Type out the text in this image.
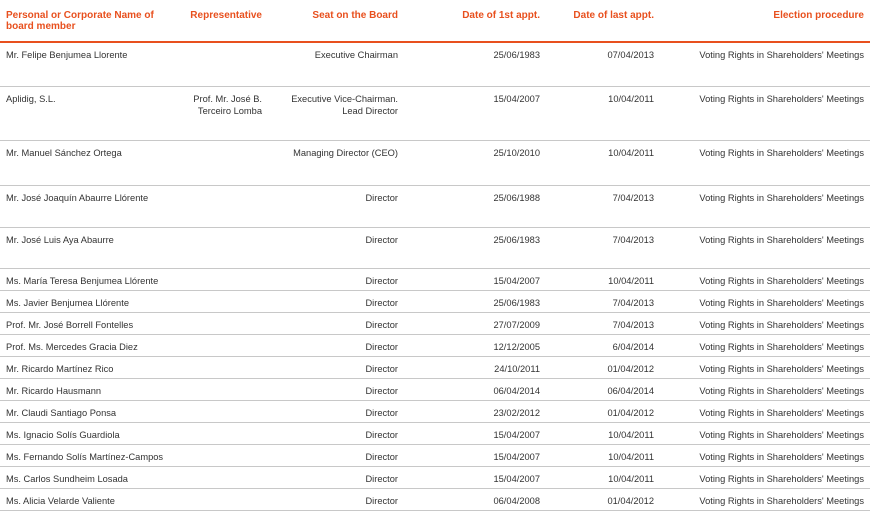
Personal or Corporate Name of board member	Representative	Seat on the Board	Date of 1st appt.	Date of last appt.	Election procedure
Mr. Felipe Benjumea Llorente		Executive Chairman	25/06/1983	07/04/2013	Voting Rights in Shareholders' Meetings
Aplidig, S.L.	Prof. Mr. José B. Terceiro Lomba	Executive Vice-Chairman. Lead Director	15/04/2007	10/04/2011	Voting Rights in Shareholders' Meetings
Mr. Manuel Sánchez Ortega		Managing Director (CEO)	25/10/2010	10/04/2011	Voting Rights in Shareholders' Meetings
Mr. José Joaquín Abaurre Llórente		Director	25/06/1988	7/04/2013	Voting Rights in Shareholders' Meetings
Mr. José Luis Aya Abaurre		Director	25/06/1983	7/04/2013	Voting Rights in Shareholders' Meetings
Ms. María Teresa Benjumea Llórente		Director	15/04/2007	10/04/2011	Voting Rights in Shareholders' Meetings
Ms. Javier Benjumea Llórente		Director	25/06/1983	7/04/2013	Voting Rights in Shareholders' Meetings
Prof. Mr. José Borrell Fontelles		Director	27/07/2009	7/04/2013	Voting Rights in Shareholders' Meetings
Prof. Ms. Mercedes Gracia Diez		Director	12/12/2005	6/04/2014	Voting Rights in Shareholders' Meetings
Mr. Ricardo Martínez Rico		Director	24/10/2011	01/04/2012	Voting Rights in Shareholders' Meetings
Mr. Ricardo Hausmann		Director	06/04/2014	06/04/2014	Voting Rights in Shareholders' Meetings
Mr. Claudi Santiago Ponsa		Director	23/02/2012	01/04/2012	Voting Rights in Shareholders' Meetings
Ms. Ignacio Solís Guardiola		Director	15/04/2007	10/04/2011	Voting Rights in Shareholders' Meetings
Ms. Fernando Solís Martínez-Campos		Director	15/04/2007	10/04/2011	Voting Rights in Shareholders' Meetings
Ms. Carlos Sundheim Losada		Director	15/04/2007	10/04/2011	Voting Rights in Shareholders' Meetings
Ms. Alicia Velarde Valiente		Director	06/04/2008	01/04/2012	Voting Rights in Shareholders' Meetings
